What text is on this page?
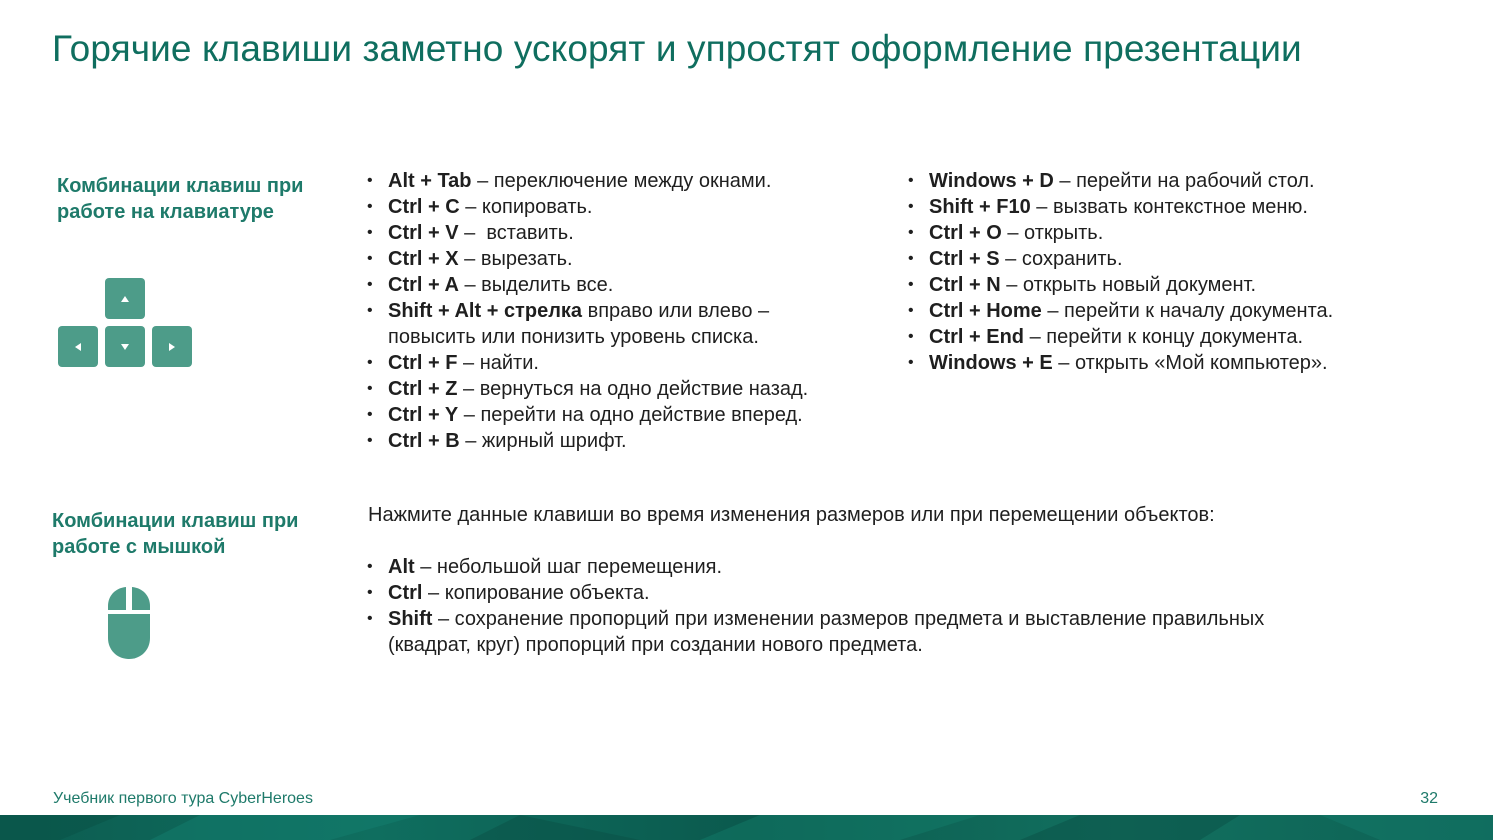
Горячие клавиши заметно ускорят и упростят оформление презентации
Комбинации клавиш при работе на клавиатуре
• Alt + Tab – переключение между окнами.
• Ctrl + C – копировать.
• Ctrl + V –  вставить.
• Ctrl + X – вырезать.
• Ctrl + A – выделить все.
• Shift + Alt + стрелка вправо или влево –
повысить или понизить уровень списка.
• Ctrl + F – найти.
• Ctrl + Z – вернуться на одно действие назад.
• Ctrl + Y – перейти на одно действие вперед.
• Ctrl + B – жирный шрифт.
• Windows + D – перейти на рабочий стол.
• Shift + F10 – вызвать контекстное меню.
• Ctrl + O – открыть.
• Ctrl + S – сохранить.
• Ctrl + N – открыть новый документ.
• Ctrl + Home – перейти к началу документа.
• Ctrl + End – перейти к концу документа.
• Windows + E – открыть «Мой компьютер».
Комбинации клавиш при работе с мышкой

Нажмите данные клавиши во время изменения размеров или при перемещении объектов:

• Alt – небольшой шаг перемещения.
• Ctrl – копирование объекта.
• Shift – сохранение пропорций при изменении размеров предмета и выставление правильных
(квадрат, круг) пропорций при создании нового предмета.

Учебник первого тура CyberHeroes	32
